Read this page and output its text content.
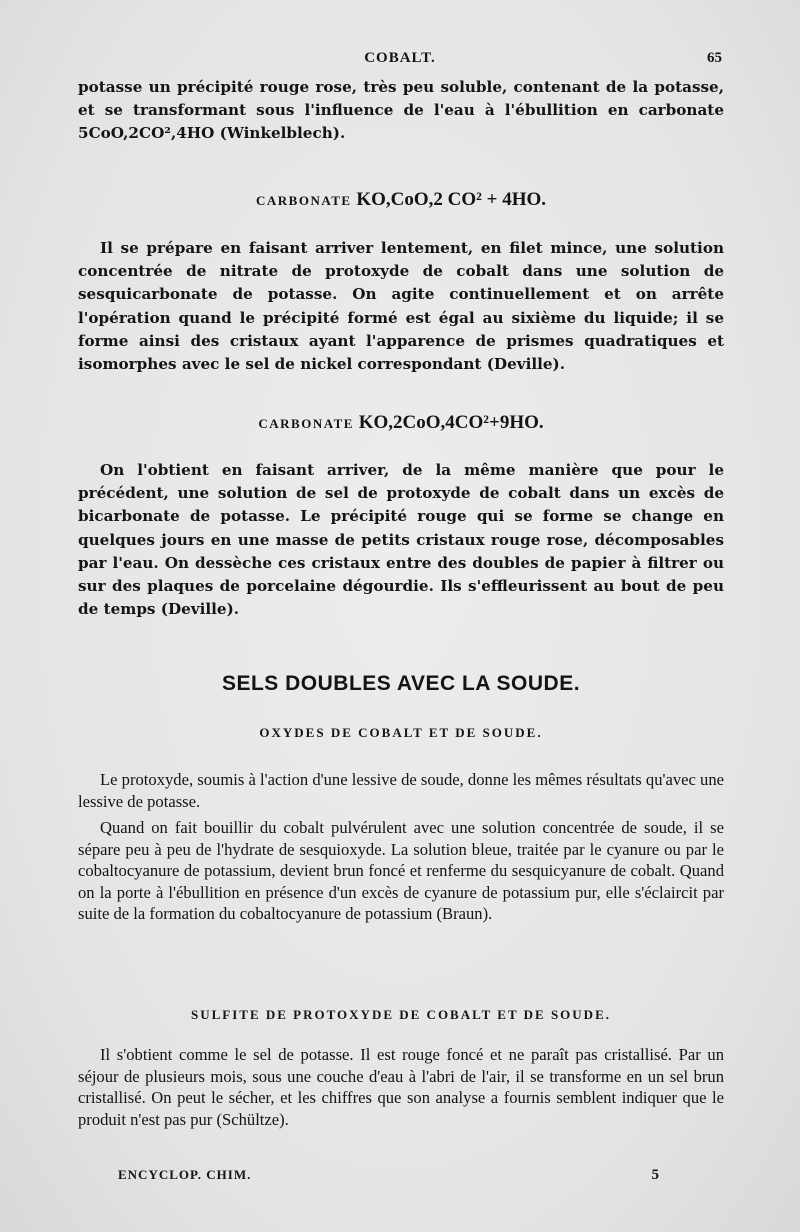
COBALT.	65

potasse un précipité rouge rose, très peu soluble, contenant de la potasse, et se transformant sous l'influence de l'eau à l'ébullition en carbonate 5CoO,2CO²,4HO (Winkelblech).

CARBONATE KO,CoO,2 CO² + 4HO.

Il se prépare en faisant arriver lentement, en filet mince, une solution concentrée de nitrate de protoxyde de cobalt dans une solution de sesquicarbonate de potasse. On agite continuellement et on arrête l'opération quand le précipité formé est égal au sixième du liquide; il se forme ainsi des cristaux ayant l'apparence de prismes quadratiques et isomorphes avec le sel de nickel correspondant (Deville).

CARBONATE KO,2CoO,4CO²+9HO.

On l'obtient en faisant arriver, de la même manière que pour le précédent, une solution de sel de protoxyde de cobalt dans un excès de bicarbonate de potasse. Le précipité rouge qui se forme se change en quelques jours en une masse de petits cristaux rouge rose, décomposables par l'eau. On dessèche ces cristaux entre des doubles de papier à filtrer ou sur des plaques de porcelaine dégourdie. Ils s'effleurissent au bout de peu de temps (Deville).

SELS DOUBLES AVEC LA SOUDE.
OXYDES DE COBALT ET DE SOUDE.

Le protoxyde, soumis à l'action d'une lessive de soude, donne les mêmes résultats qu'avec une lessive de potasse.

Quand on fait bouillir du cobalt pulvérulent avec une solution concentrée de soude, il se sépare peu à peu de l'hydrate de sesquioxyde. La solution bleue, traitée par le cyanure ou par le cobaltocyanure de potassium, devient brun foncé et renferme du sesquicyanure de cobalt. Quand on la porte à l'ébullition en présence d'un excès de cyanure de potassium pur, elle s'éclaircit par suite de la formation du cobaltocyanure de potassium (Braun).

SULFITE DE PROTOXYDE DE COBALT ET DE SOUDE.

Il s'obtient comme le sel de potasse. Il est rouge foncé et ne paraît pas cristallisé. Par un séjour de plusieurs mois, sous une couche d'eau à l'abri de l'air, il se transforme en un sel brun cristallisé. On peut le sécher, et les chiffres que son analyse a fournis semblent indiquer que le produit n'est pas pur (Schültze).

ENCYCLOP. CHIM.	5
